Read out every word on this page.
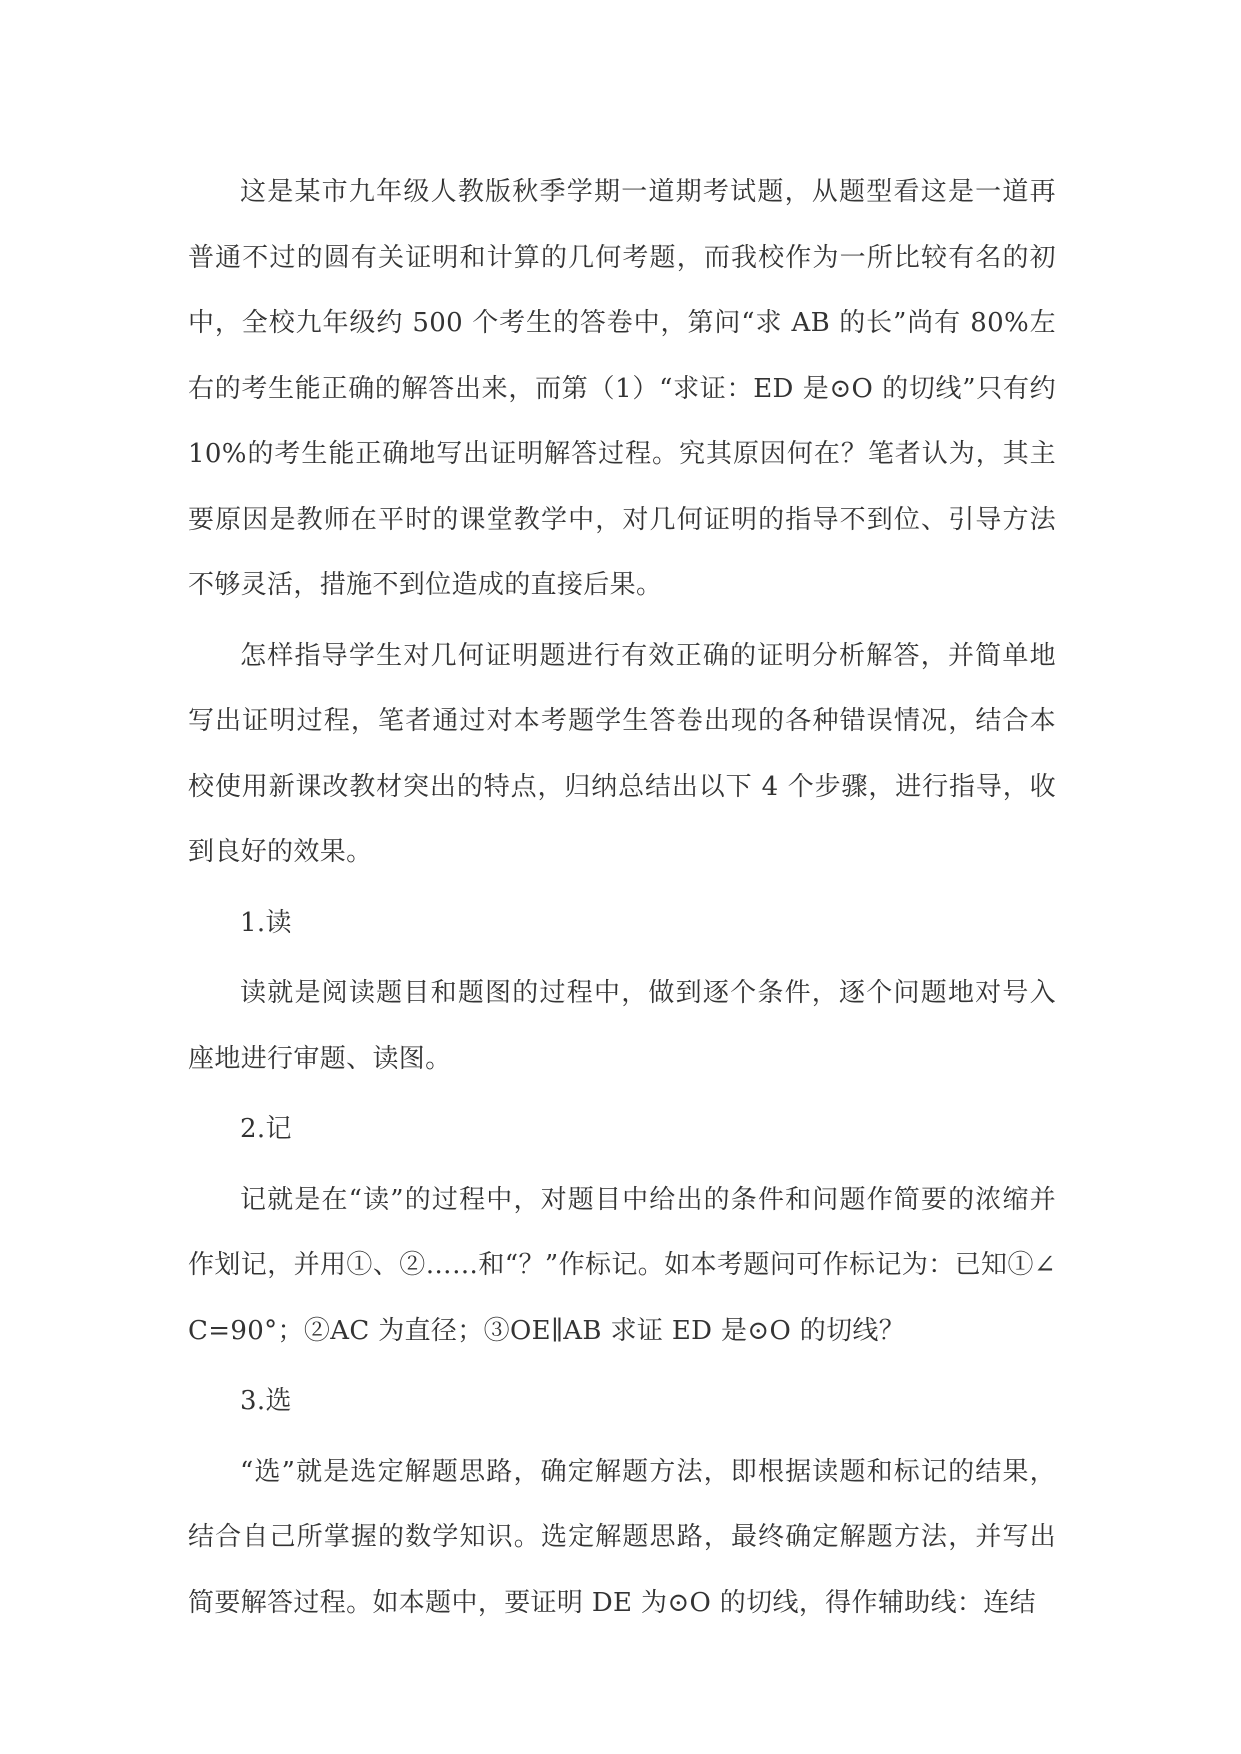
这是某市九年级人教版秋季学期一道期考试题，从题型看这是一道再普通不过的圆有关证明和计算的几何考题，而我校作为一所比较有名的初中，全校九年级约 500 个考生的答卷中，第问“求 AB 的长”尚有 80%左右的考生能正确的解答出来，而第（1）“求证：ED 是⊙O 的切线”只有约 10%的考生能正确地写出证明解答过程。究其原因何在？笔者认为，其主要原因是教师在平时的课堂教学中，对几何证明的指导不到位、引导方法不够灵活，措施不到位造成的直接后果。

怎样指导学生对几何证明题进行有效正确的证明分析解答，并简单地写出证明过程，笔者通过对本考题学生答卷出现的各种错误情况，结合本校使用新课改教材突出的特点，归纳总结出以下 4 个步骤，进行指导，收到良好的效果。

1.读

读就是阅读题目和题图的过程中，做到逐个条件，逐个问题地对号入座地进行审题、读图。

2.记

记就是在“读”的过程中，对题目中给出的条件和问题作简要的浓缩并作划记，并用①、②……和“？”作标记。如本考题问可作标记为：已知①∠C=90°；②AC 为直径；③OE∥AB 求证 ED 是⊙O 的切线？

3.选

“选”就是选定解题思路，确定解题方法，即根据读题和标记的结果，结合自己所掌握的数学知识。选定解题思路，最终确定解题方法，并写出简要解答过程。如本题中，要证明 DE 为⊙O 的切线，得作辅助线：连结
